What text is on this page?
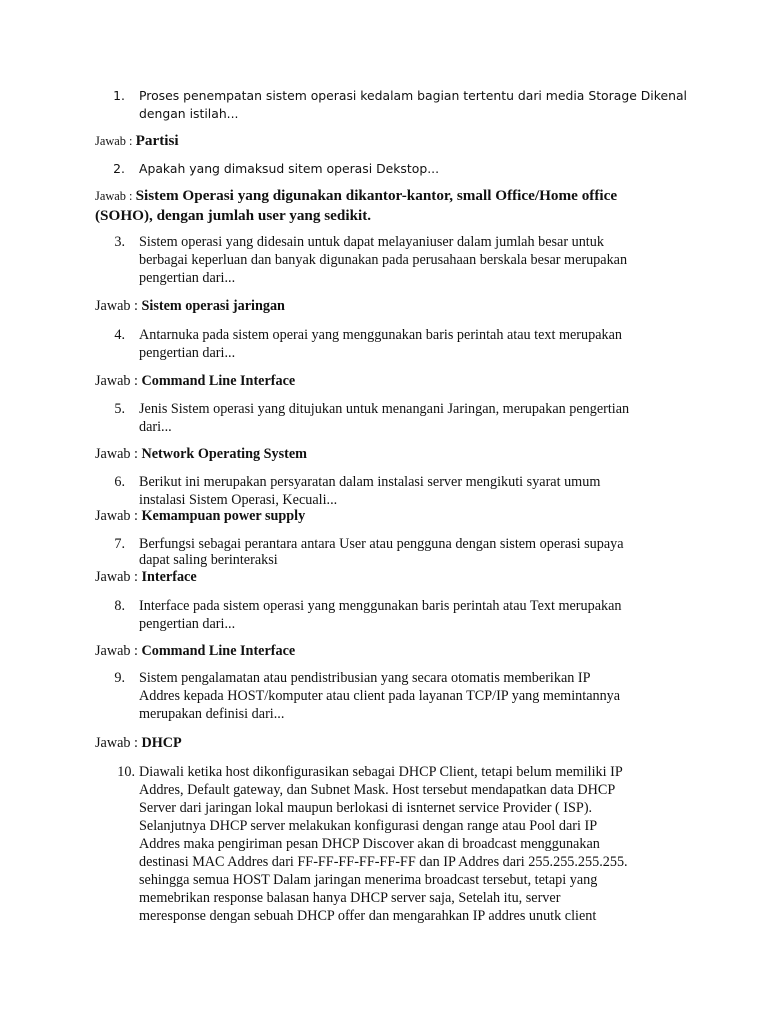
1. Proses penempatan sistem operasi kedalam bagian tertentu dari media Storage Dikenal
dengan istilah...
Jawab : Partisi
2. Apakah yang dimaksud sitem operasi Dekstop...
Jawab : Sistem Operasi yang digunakan dikantor-kantor, small Office/Home office
(SOHO), dengan jumlah user yang sedikit.
3. Sistem operasi yang didesain untuk dapat melayaniuser dalam jumlah besar untuk
berbagai keperluan dan banyak digunakan pada perusahaan berskala besar merupakan
pengertian dari...
Jawab : Sistem operasi jaringan
4. Antarnuka pada sistem operai yang menggunakan baris perintah atau text merupakan
pengertian dari...
Jawab : Command Line Interface
5. Jenis Sistem operasi yang ditujukan untuk menangani Jaringan, merupakan pengertian
dari...
Jawab : Network Operating System
6. Berikut ini merupakan persyaratan dalam instalasi server mengikuti syarat umum
instalasi Sistem Operasi, Kecuali...
Jawab : Kemampuan power supply
7. Berfungsi sebagai perantara antara User atau pengguna dengan sistem operasi supaya
dapat saling berinteraksi
Jawab : Interface
8. Interface pada sistem operasi yang menggunakan baris perintah atau Text merupakan
pengertian dari...
Jawab : Command Line Interface
9. Sistem pengalamatan atau pendistribusian yang secara otomatis memberikan IP
Addres kepada HOST/komputer atau client pada layanan TCP/IP yang memintannya
merupakan definisi dari...
Jawab : DHCP
10. Diawali ketika host dikonfigurasikan sebagai DHCP Client, tetapi belum memiliki IP
Addres, Default gateway, dan Subnet Mask. Host tersebut mendapatkan data DHCP
Server dari jaringan lokal maupun berlokasi di isnternet service Provider ( ISP).
Selanjutnya DHCP server melakukan konfigurasi dengan range atau Pool dari IP
Addres maka pengiriman pesan DHCP Discover akan di broadcast menggunakan
destinasi MAC Addres dari FF-FF-FF-FF-FF-FF dan IP Addres dari 255.255.255.255.
sehingga semua HOST Dalam jaringan menerima broadcast tersebut, tetapi yang
memebrikan response balasan hanya DHCP server saja, Setelah itu, server
meresponse dengan sebuah DHCP offer dan mengarahkan IP addres unutk client
